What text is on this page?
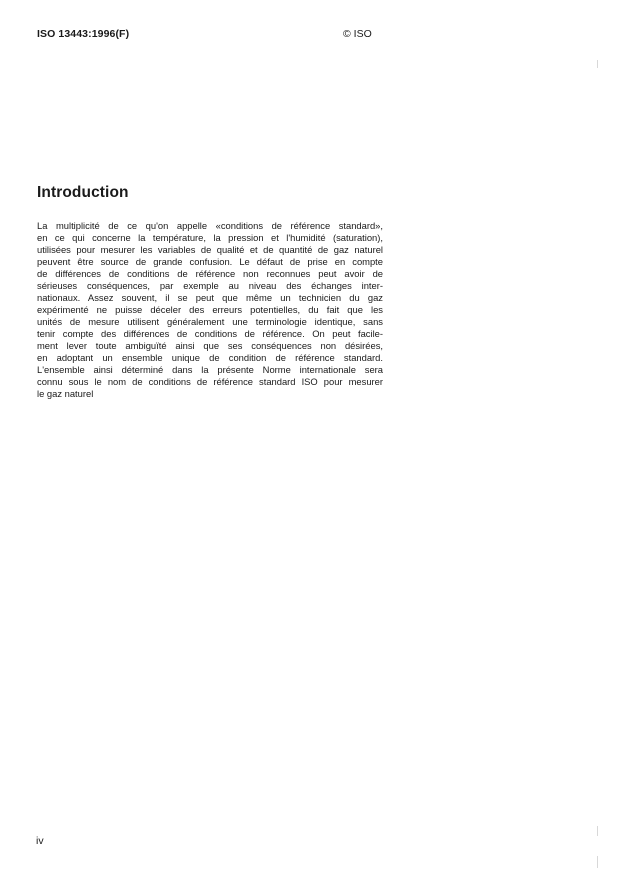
ISO 13443:1996(F)	© ISO
Introduction
La multiplicité de ce qu'on appelle «conditions de référence standard»,
en ce qui concerne la température, la pression et l'humidité (saturation),
utilisées pour mesurer les variables de qualité et de quantité de gaz naturel
peuvent être source de grande confusion. Le défaut de prise en compte
de différences de conditions de référence non reconnues peut avoir de
sérieuses conséquences, par exemple au niveau des échanges inter-
nationaux. Assez souvent, il se peut que même un technicien du gaz
expérimenté ne puisse déceler des erreurs potentielles, du fait que les
unités de mesure utilisent généralement une terminologie identique, sans
tenir compte des différences de conditions de référence. On peut facile-
ment lever toute ambiguïté ainsi que ses conséquences non désirées,
en adoptant un ensemble unique de condition de référence standard.
L'ensemble ainsi déterminé dans la présente Norme internationale sera
connu sous le nom de conditions de référence standard ISO pour mesurer
le gaz naturel
iv
